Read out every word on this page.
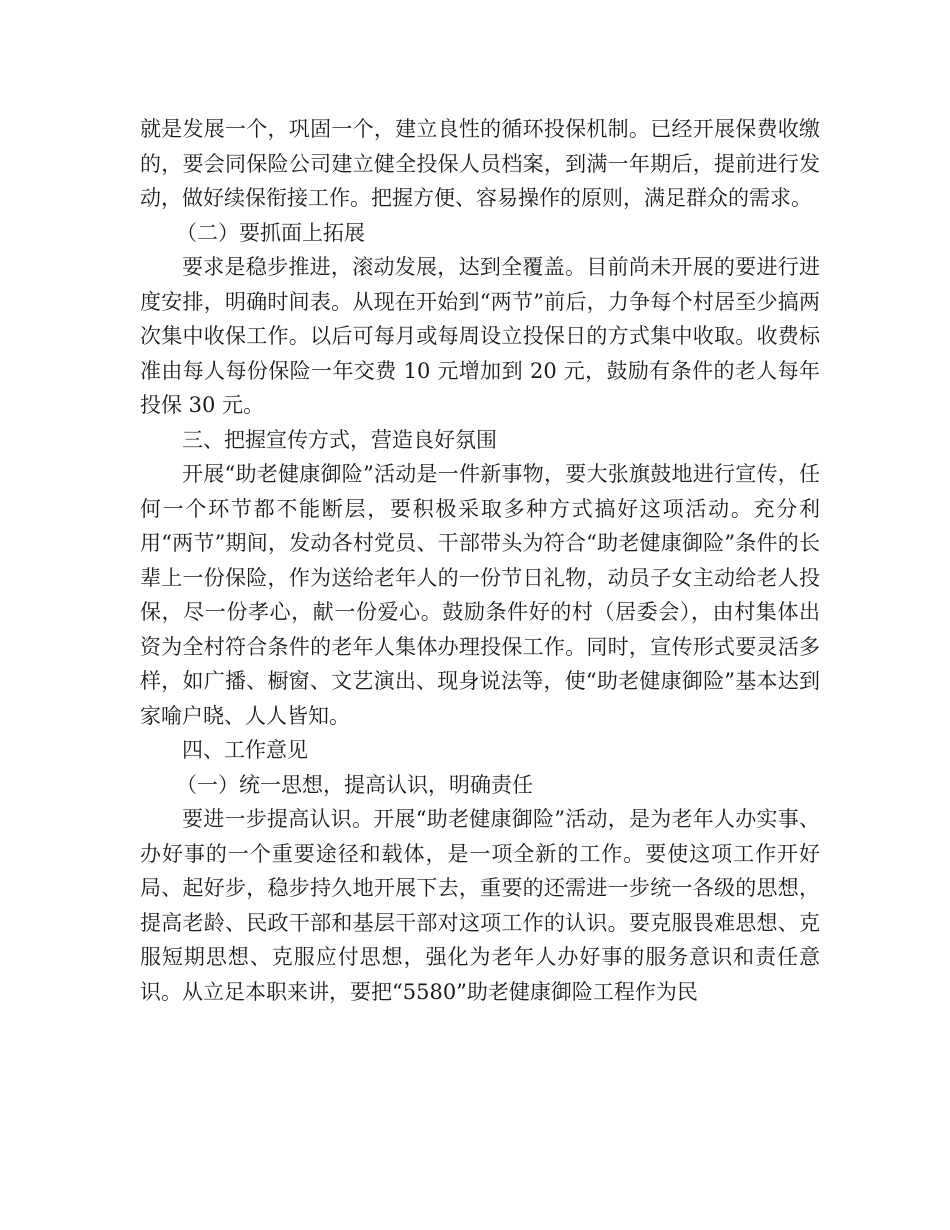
就是发展一个，巩固一个，建立良性的循环投保机制。已经开展保费收缴的，要会同保险公司建立健全投保人员档案，到满一年期后，提前进行发动，做好续保衔接工作。把握方便、容易操作的原则，满足群众的需求。

（二）要抓面上拓展

要求是稳步推进，滚动发展，达到全覆盖。目前尚未开展的要进行进度安排，明确时间表。从现在开始到“两节”前后，力争每个村居至少搞两次集中收保工作。以后可每月或每周设立投保日的方式集中收取。收费标准由每人每份保险一年交费 10 元增加到 20 元，鼓励有条件的老人每年投保 30 元。

三、把握宣传方式，营造良好氛围

开展“助老健康御险”活动是一件新事物，要大张旗鼓地进行宣传，任何一个环节都不能断层，要积极采取多种方式搞好这项活动。充分利用“两节”期间，发动各村党员、干部带头为符合“助老健康御险”条件的长辈上一份保险，作为送给老年人的一份节日礼物，动员子女主动给老人投保，尽一份孝心，献一份爱心。鼓励条件好的村（居委会），由村集体出资为全村符合条件的老年人集体办理投保工作。同时，宣传形式要灵活多样，如广播、橱窗、文艺演出、现身说法等，使“助老健康御险”基本达到家喻户晓、人人皆知。

四、工作意见

（一）统一思想，提高认识，明确责任

要进一步提高认识。开展“助老健康御险”活动，是为老年人办实事、办好事的一个重要途径和载体，是一项全新的工作。要使这项工作开好局、起好步，稳步持久地开展下去，重要的还需进一步统一各级的思想，提高老龄、民政干部和基层干部对这项工作的认识。要克服畏难思想、克服短期思想、克服应付思想，强化为老年人办好事的服务意识和责任意识。从立足本职来讲，要把“5580”助老健康御险工程作为民
